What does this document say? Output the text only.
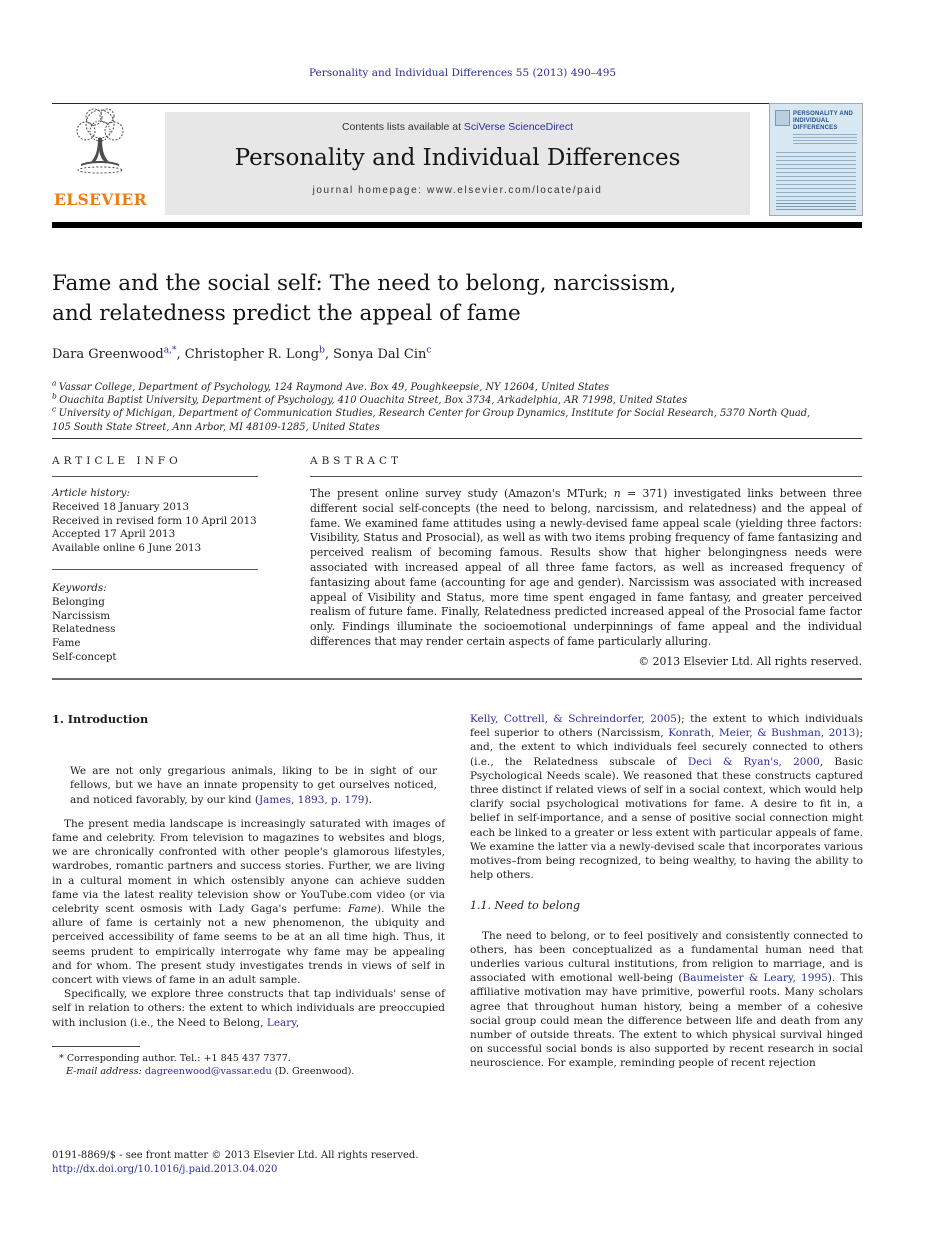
Personality and Individual Differences 55 (2013) 490–495
ELSEVIER
Contents lists available at SciVerse ScienceDirect
Personality and Individual Differences
journal homepage: www.elsevier.com/locate/paid
PERSONALITY AND INDIVIDUAL DIFFERENCES
Fame and the social self: The need to belong, narcissism,
and relatedness predict the appeal of fame
Dara Greenwood$^{a,*}$, Christopher R. Long$^b$, Sonya Dal Cin$^c$
$^a$ Vassar College, Department of Psychology, 124 Raymond Ave. Box 49, Poughkeepsie, NY 12604, United States
$^b$ Ouachita Baptist University, Department of Psychology, 410 Ouachita Street, Box 3734, Arkadelphia, AR 71998, United States
$^c$ University of Michigan, Department of Communication Studies, Research Center for Group Dynamics, Institute for Social Research, 5370 North Quad, 105 South State Street, Ann Arbor, MI 48109-1285, United States
ARTICLE INFO
Article history:
Received 18 January 2013
Received in revised form 10 April 2013
Accepted 17 April 2013
Available online 6 June 2013
Keywords:
Belonging
Narcissism
Relatedness
Fame
Self-concept
ABSTRACT
The present online survey study (Amazon's MTurk; n = 371) investigated links between three different social self-concepts (the need to belong, narcissism, and relatedness) and the appeal of fame. We examined fame attitudes using a newly-devised fame appeal scale (yielding three factors: Visibility, Status and Prosocial), as well as with two items probing frequency of fame fantasizing and perceived realism of becoming famous. Results show that higher belongingness needs were associated with increased appeal of all three fame factors, as well as increased frequency of fantasizing about fame (accounting for age and gender). Narcissism was associated with increased appeal of Visibility and Status, more time spent engaged in fame fantasy, and greater perceived realism of future fame. Finally, Relatedness predicted increased appeal of the Prosocial fame factor only. Findings illuminate the socioemotional underpinnings of fame appeal and the individual differences that may render certain aspects of fame particularly alluring.
© 2013 Elsevier Ltd. All rights reserved.
1. Introduction
We are not only gregarious animals, liking to be in sight of our fellows, but we have an innate propensity to get ourselves noticed, and noticed favorably, by our kind (James, 1893, p. 179).

The present media landscape is increasingly saturated with images of fame and celebrity. From television to magazines to websites and blogs, we are chronically confronted with other people's glamorous lifestyles, wardrobes, romantic partners and success stories. Further, we are living in a cultural moment in which ostensibly anyone can achieve sudden fame via the latest reality television show or YouTube.com video (or via celebrity scent osmosis with Lady Gaga's perfume: Fame). While the allure of fame is certainly not a new phenomenon, the ubiquity and perceived accessibility of fame seems to be at an all time high. Thus, it seems prudent to empirically interrogate why fame may be appealing and for whom. The present study investigates trends in views of self in concert with views of fame in an adult sample.

Specifically, we explore three constructs that tap individuals' sense of self in relation to others: the extent to which individuals are preoccupied with inclusion (i.e., the Need to Belong, Leary,

* Corresponding author. Tel.: +1 845 437 7377.
E-mail address: dagreenwood@vassar.edu (D. Greenwood).

Kelly, Cottrell, & Schreindorfer, 2005); the extent to which individuals feel superior to others (Narcissism, Konrath, Meier, & Bushman, 2013); and, the extent to which individuals feel securely connected to others (i.e., the Relatedness subscale of Deci & Ryan's, 2000, Basic Psychological Needs scale). We reasoned that these constructs captured three distinct if related views of self in a social context, which would help clarify social psychological motivations for fame. A desire to fit in, a belief in self-importance, and a sense of positive social connection might each be linked to a greater or less extent with particular appeals of fame. We examine the latter via a newly-devised scale that incorporates various motives–from being recognized, to being wealthy, to having the ability to help others.

1.1. Need to belong

The need to belong, or to feel positively and consistently connected to others, has been conceptualized as a fundamental human need that underlies various cultural institutions, from religion to marriage, and is associated with emotional well-being (Baumeister & Leary, 1995). This affiliative motivation may have primitive, powerful roots. Many scholars agree that throughout human history, being a member of a cohesive social group could mean the difference between life and death from any number of outside threats. The extent to which physical survival hinged on successful social bonds is also supported by recent research in social neuroscience. For example, reminding people of recent rejection

0191-8869/$ - see front matter © 2013 Elsevier Ltd. All rights reserved.
http://dx.doi.org/10.1016/j.paid.2013.04.020
